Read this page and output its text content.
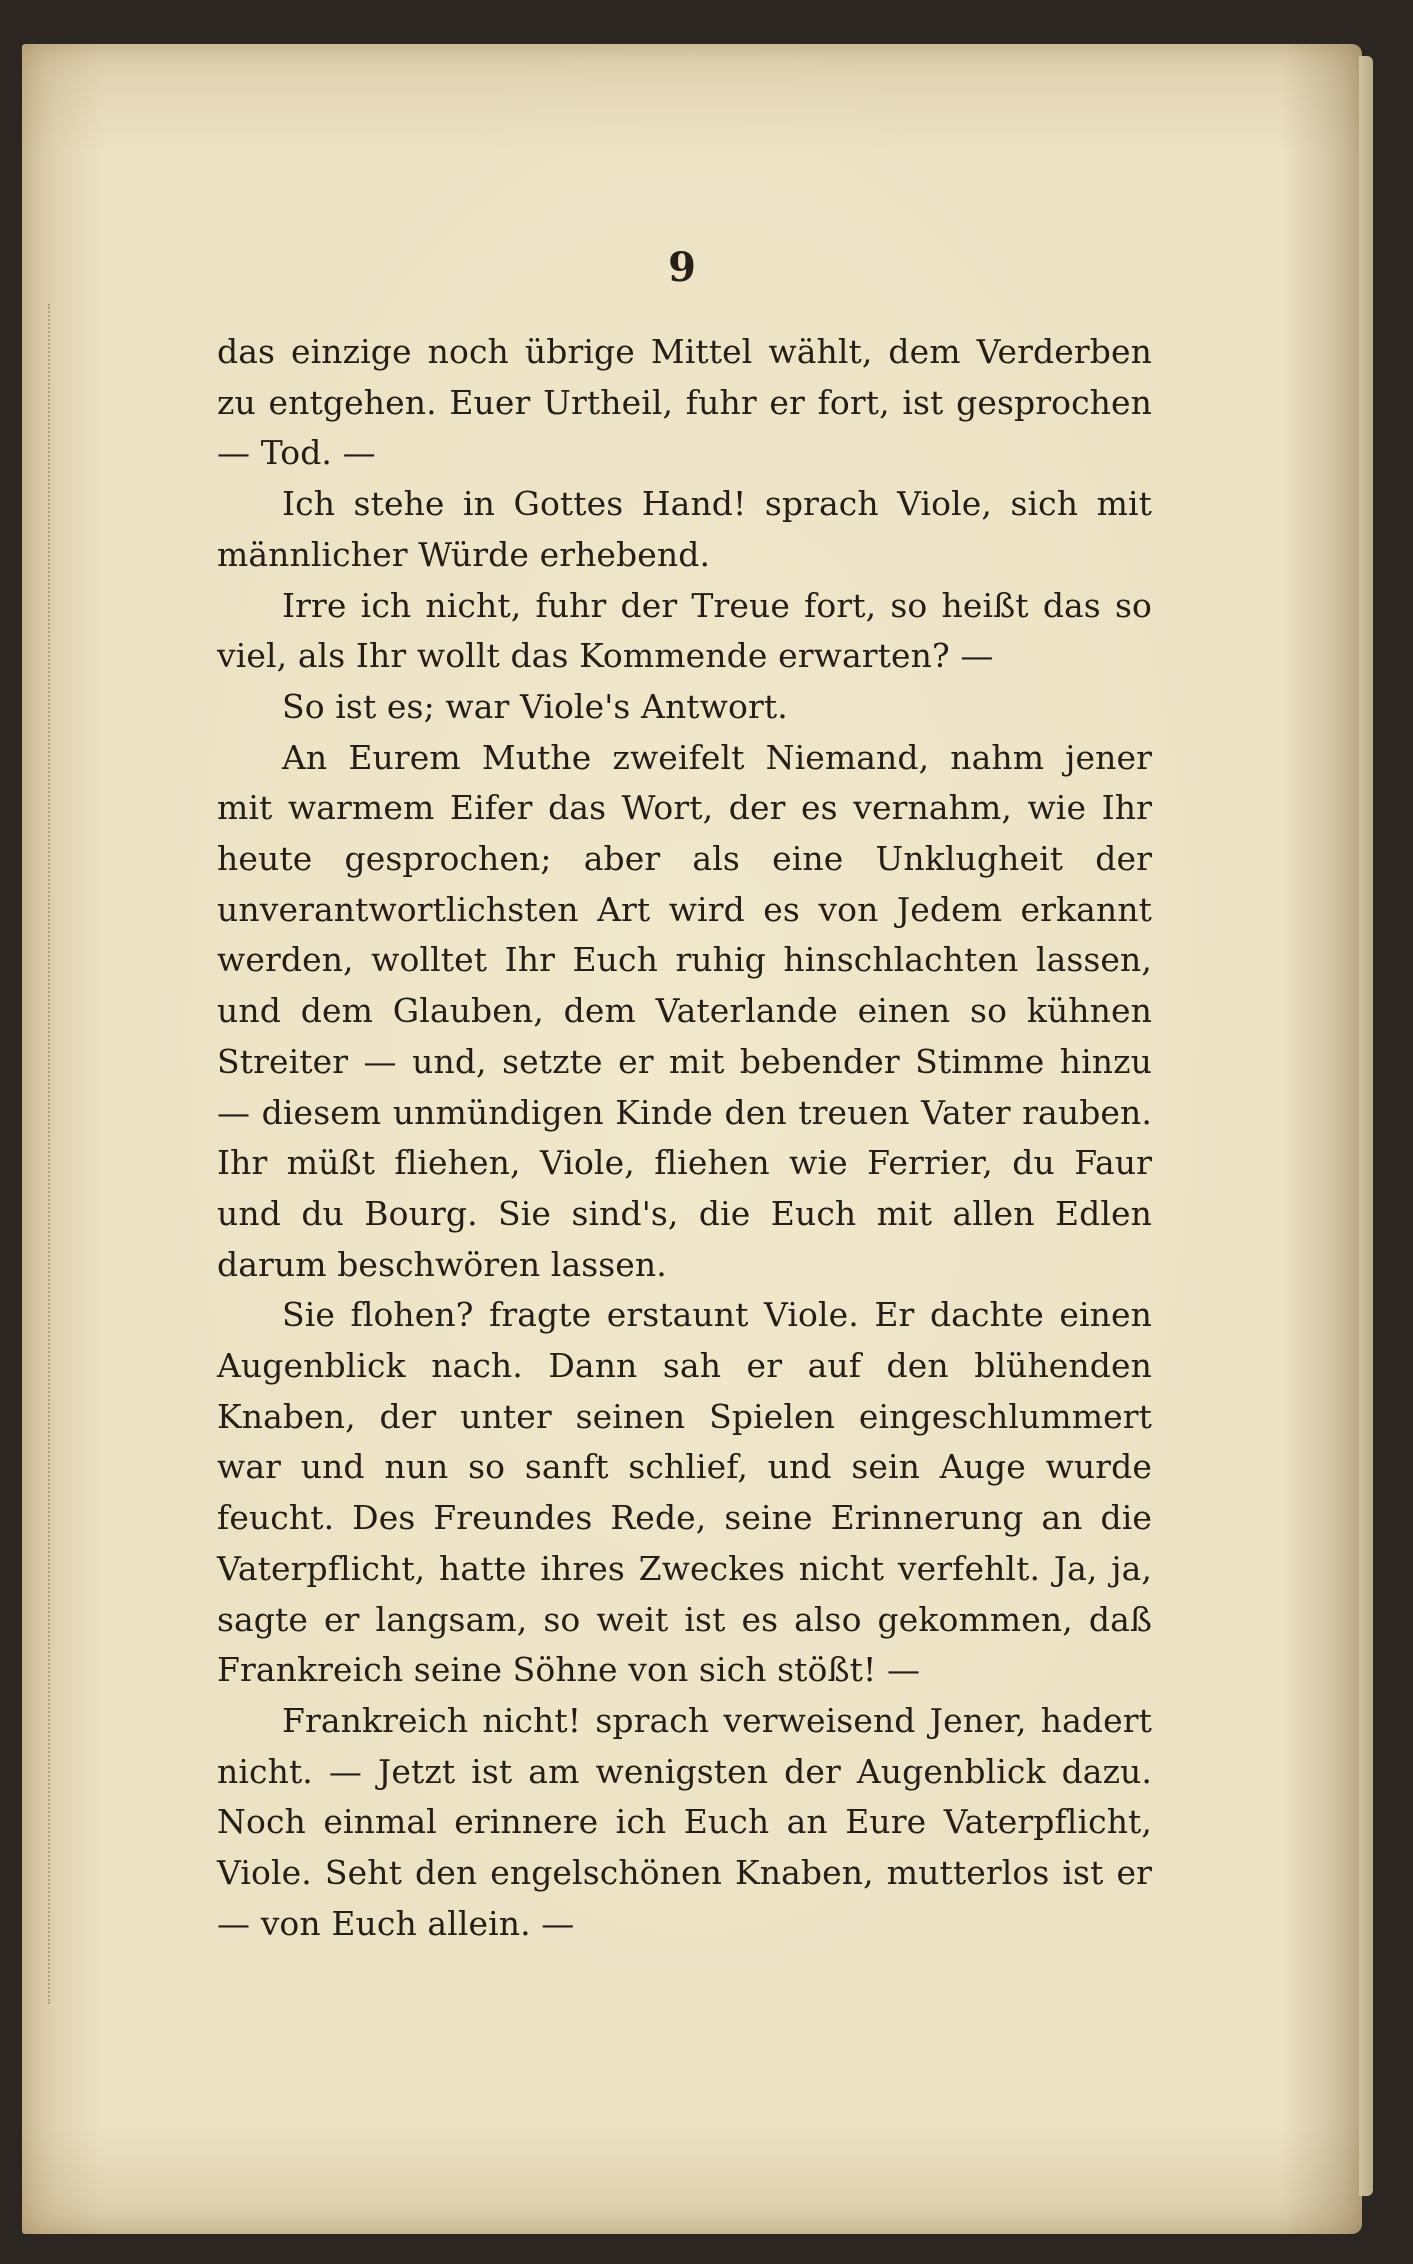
9

das einzige noch übrige Mittel wählt, dem Verderben zu entgehen. Euer Urtheil, fuhr er fort, ist gesprochen — Tod. —

Ich stehe in Gottes Hand! sprach Viole, sich mit männlicher Würde erhebend.

Irre ich nicht, fuhr der Treue fort, so heißt das so viel, als Ihr wollt das Kommende erwarten? —

So ist es; war Viole's Antwort.

An Eurem Muthe zweifelt Niemand, nahm jener mit warmem Eifer das Wort, der es vernahm, wie Ihr heute gesprochen; aber als eine Unklugheit der unverantwortlichsten Art wird es von Jedem erkannt werden, wolltet Ihr Euch ruhig hinschlachten lassen, und dem Glauben, dem Vaterlande einen so kühnen Streiter — und, setzte er mit bebender Stimme hinzu — diesem unmündigen Kinde den treuen Vater rauben. Ihr müßt fliehen, Viole, fliehen wie Ferrier, du Faur und du Bourg. Sie sind's, die Euch mit allen Edlen darum beschwören lassen.

Sie flohen? fragte erstaunt Viole. Er dachte einen Augenblick nach. Dann sah er auf den blühenden Knaben, der unter seinen Spielen eingeschlummert war und nun so sanft schlief, und sein Auge wurde feucht. Des Freundes Rede, seine Erinnerung an die Vaterpflicht, hatte ihres Zweckes nicht verfehlt. Ja, ja, sagte er langsam, so weit ist es also gekommen, daß Frankreich seine Söhne von sich stößt! —

Frankreich nicht! sprach verweisend Jener, hadert nicht. — Jetzt ist am wenigsten der Augenblick dazu. Noch einmal erinnere ich Euch an Eure Vaterpflicht, Viole. Seht den engelschönen Knaben, mutterlos ist er — von Euch allein. —
